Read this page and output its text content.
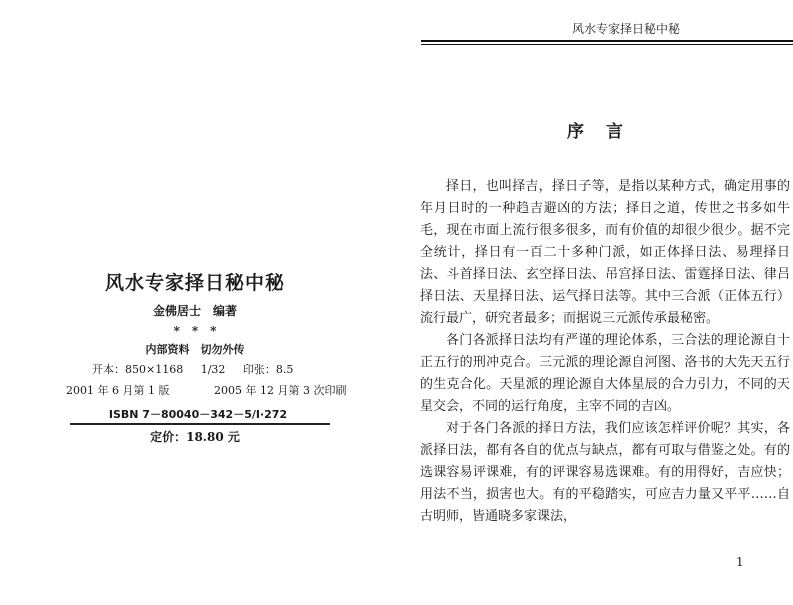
风水专家择日秘中秘
金佛居士　编著
*　*　*
内部资料　切勿外传
开本：850×1168 1/32 印张：8.5
2001 年 6 月第 1 版	2005 年 12 月第 3 次印刷
ISBN 7－80040－342－5/I·272
定价：18.80 元
风水专家择日秘中秘
序言

择日，也叫择吉，择日子等，是指以某种方式，确定用事的年月日时的一种趋吉避凶的方法；择日之道，传世之书多如牛毛，现在市面上流行很多很多，而有价值的却很少很少。据不完全统计，择日有一百二十多种门派，如正体择日法、易理择日法、斗首择日法、玄空择日法、吊宫择日法、雷霆择日法、律吕择日法、天星择日法、运气择日法等。其中三合派（正体五行）流行最广，研究者最多；而据说三元派传承最秘密。

各门各派择日法均有严谨的理论体系，三合法的理论源自十正五行的刑冲克合。三元派的理论源自河图、洛书的大先天五行的生克合化。天星派的理论源自大体星辰的合力引力，不同的天星交会，不同的运行角度，主宰不同的吉凶。

对于各门各派的择日方法，我们应该怎样评价呢？其实，各派择日法，都有各自的优点与缺点，都有可取与借鉴之处。有的选课容易评课难，有的评课容易选课难。有的用得好，吉应快；用法不当，损害也大。有的平稳踏实，可应吉力量又平平……自古明师，皆通晓多家课法，

1
